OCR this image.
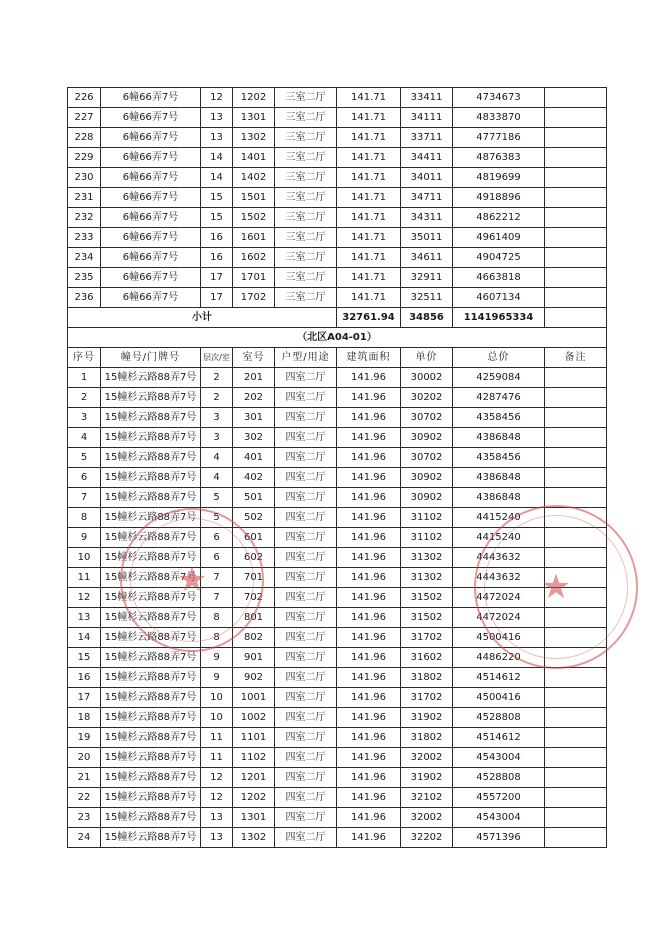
226	6幢66弄7号	12	1202	三室二厅	141.71	33411	4734673	
227	6幢66弄7号	13	1301	三室二厅	141.71	34111	4833870	
228	6幢66弄7号	13	1302	三室二厅	141.71	33711	4777186	
229	6幢66弄7号	14	1401	三室二厅	141.71	34411	4876383	
230	6幢66弄7号	14	1402	三室二厅	141.71	34011	4819699	
231	6幢66弄7号	15	1501	三室二厅	141.71	34711	4918896	
232	6幢66弄7号	15	1502	三室二厅	141.71	34311	4862212	
233	6幢66弄7号	16	1601	三室二厅	141.71	35011	4961409	
234	6幢66弄7号	16	1602	三室二厅	141.71	34611	4904725	
235	6幢66弄7号	17	1701	三室二厅	141.71	32911	4663818	
236	6幢66弄7号	17	1702	三室二厅	141.71	32511	4607134	
小计					32761.94	34856	1141965334	
（北区A04-01）								
序号	幢号/门牌号	层次/室	室号	户型/用途	建筑面积	单价	总价	备注
1	15幢杉云路88弄7号	2	201	四室二厅	141.96	30002	4259084	
2	15幢杉云路88弄7号	2	202	四室二厅	141.96	30202	4287476	
3	15幢杉云路88弄7号	3	301	四室二厅	141.96	30702	4358456	
4	15幢杉云路88弄7号	3	302	四室二厅	141.96	30902	4386848	
5	15幢杉云路88弄7号	4	401	四室二厅	141.96	30702	4358456	
6	15幢杉云路88弄7号	4	402	四室二厅	141.96	30902	4386848	
7	15幢杉云路88弄7号	5	501	四室二厅	141.96	30902	4386848	
8	15幢杉云路88弄7号	5	502	四室二厅	141.96	31102	4415240	
9	15幢杉云路88弄7号	6	601	四室二厅	141.96	31102	4415240	
10	15幢杉云路88弄7号	6	602	四室二厅	141.96	31302	4443632	
11	15幢杉云路88弄7号	7	701	四室二厅	141.96	31302	4443632	
12	15幢杉云路88弄7号	7	702	四室二厅	141.96	31502	4472024	
13	15幢杉云路88弄7号	8	801	四室二厅	141.96	31502	4472024	
14	15幢杉云路88弄7号	8	802	四室二厅	141.96	31702	4500416	
15	15幢杉云路88弄7号	9	901	四室二厅	141.96	31602	4486220	
16	15幢杉云路88弄7号	9	902	四室二厅	141.96	31802	4514612	
17	15幢杉云路88弄7号	10	1001	四室二厅	141.96	31702	4500416	
18	15幢杉云路88弄7号	10	1002	四室二厅	141.96	31902	4528808	
19	15幢杉云路88弄7号	11	1101	四室二厅	141.96	31802	4514612	
20	15幢杉云路88弄7号	11	1102	四室二厅	141.96	32002	4543004	
21	15幢杉云路88弄7号	12	1201	四室二厅	141.96	31902	4528808	
22	15幢杉云路88弄7号	12	1202	四室二厅	141.96	32102	4557200	
23	15幢杉云路88弄7号	13	1301	四室二厅	141.96	32002	4543004	
24	15幢杉云路88弄7号	13	1302	四室二厅	141.96	32202	4571396	
★	★
